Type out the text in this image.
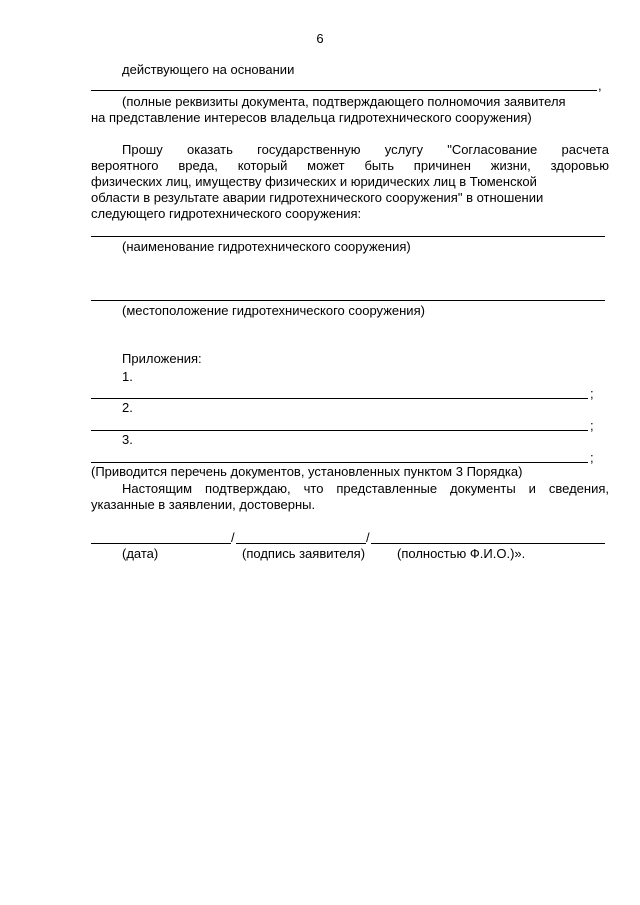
6
действующего на основании
,
(полные реквизиты документа, подтверждающего полномочия заявителя
на представление интересов владельца гидротехнического сооружения)
Прошу оказать государственную услугу "Согласование расчета
вероятного вреда, который может быть причинен жизни, здоровью
физических лиц, имуществу физических и юридических лиц в Тюменской
области в результате аварии гидротехнического сооружения" в отношении
следующего гидротехнического сооружения:
(наименование гидротехнического сооружения)
(местоположение гидротехнического сооружения)
Приложения:
1.
;
2.
;
3.
;
(Приводится перечень документов, установленных пунктом 3 Порядка)
Настоящим подтверждаю, что представленные документы и сведения,
указанные в заявлении, достоверны.
/	/
(дата)	(подпись заявителя) (полностью Ф.И.О.)».
